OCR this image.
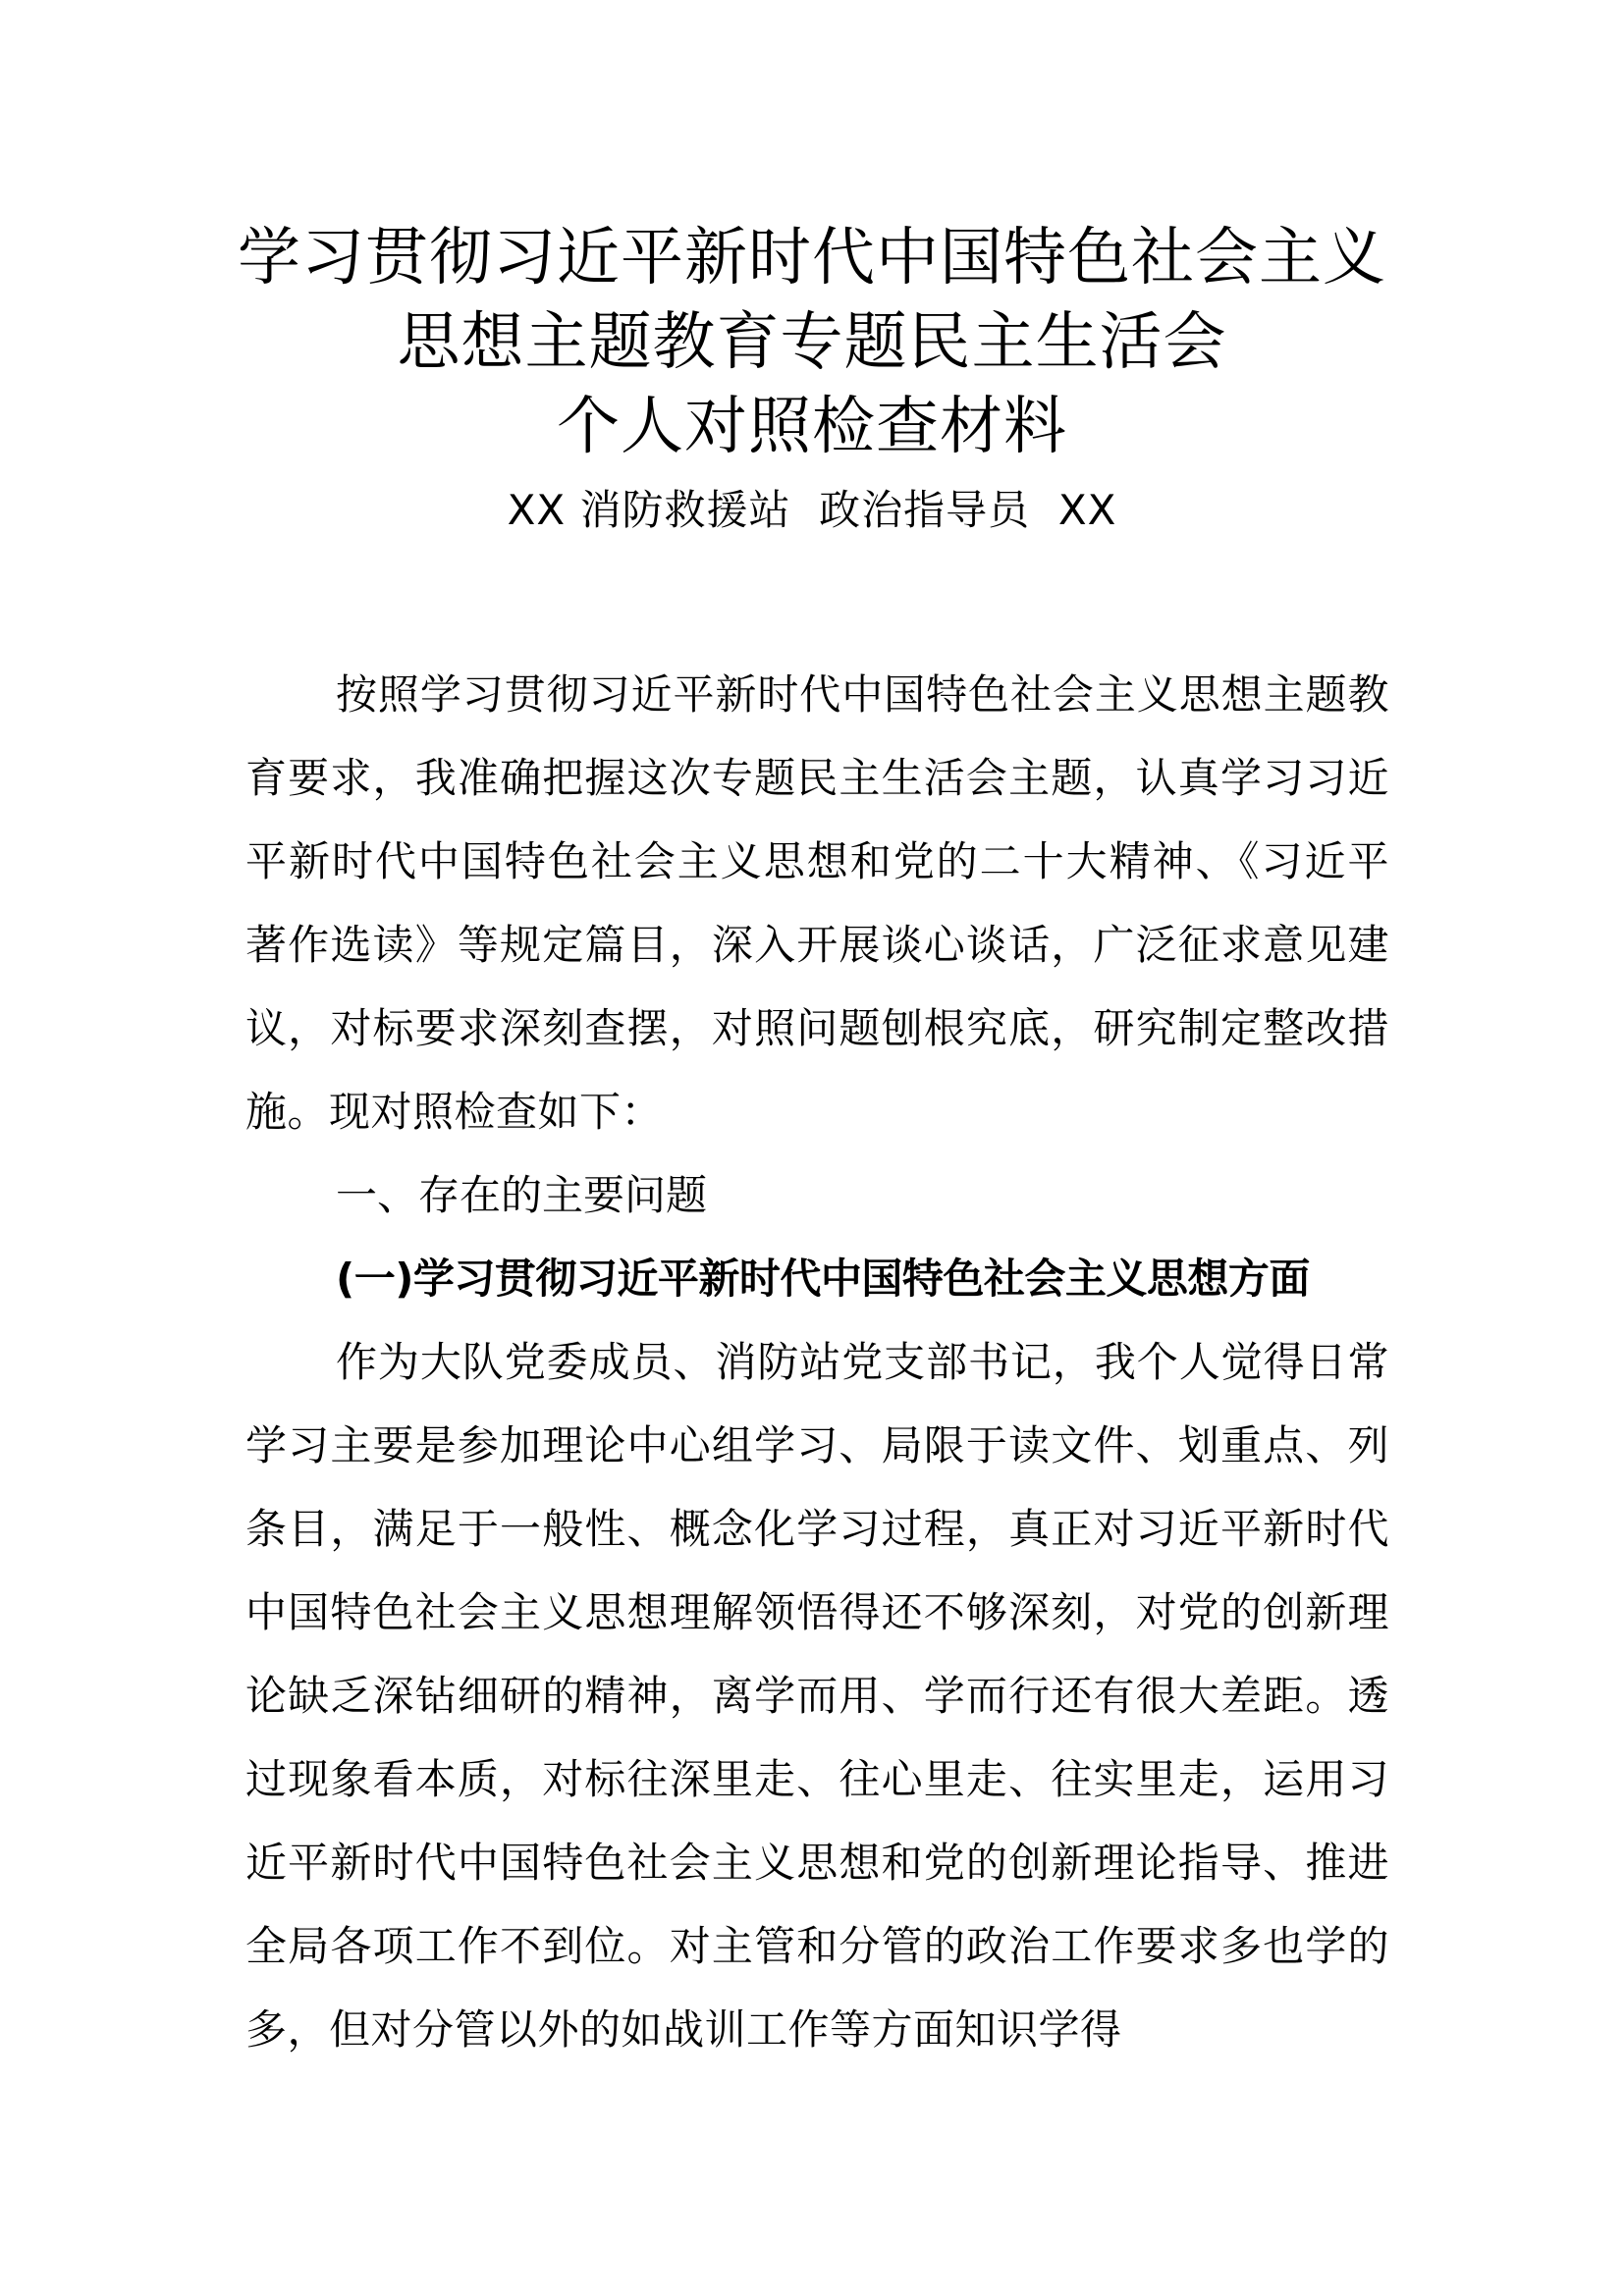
学习贯彻习近平新时代中国特色社会主义
思想主题教育专题民主生活会
个人对照检查材料
XX 消防救援站  政治指导员  XX

按照学习贯彻习近平新时代中国特色社会主义思想主题教育要求，我准确把握这次专题民主生活会主题，认真学习习近平新时代中国特色社会主义思想和党的二十大精神、《习近平著作选读》等规定篇目，深入开展谈心谈话，广泛征求意见建议，对标要求深刻查摆，对照问题刨根究底，研究制定整改措施。现对照检查如下：

一、存在的主要问题

(一)学习贯彻习近平新时代中国特色社会主义思想方面

作为大队党委成员、消防站党支部书记，我个人觉得日常学习主要是参加理论中心组学习、局限于读文件、划重点、列条目，满足于一般性、概念化学习过程，真正对习近平新时代中国特色社会主义思想理解领悟得还不够深刻，对党的创新理论缺乏深钻细研的精神，离学而用、学而行还有很大差距。透过现象看本质，对标往深里走、往心里走、往实里走，运用习近平新时代中国特色社会主义思想和党的创新理论指导、推进全局各项工作不到位。对主管和分管的政治工作要求多也学的多，但对分管以外的如战训工作等方面知识学得
